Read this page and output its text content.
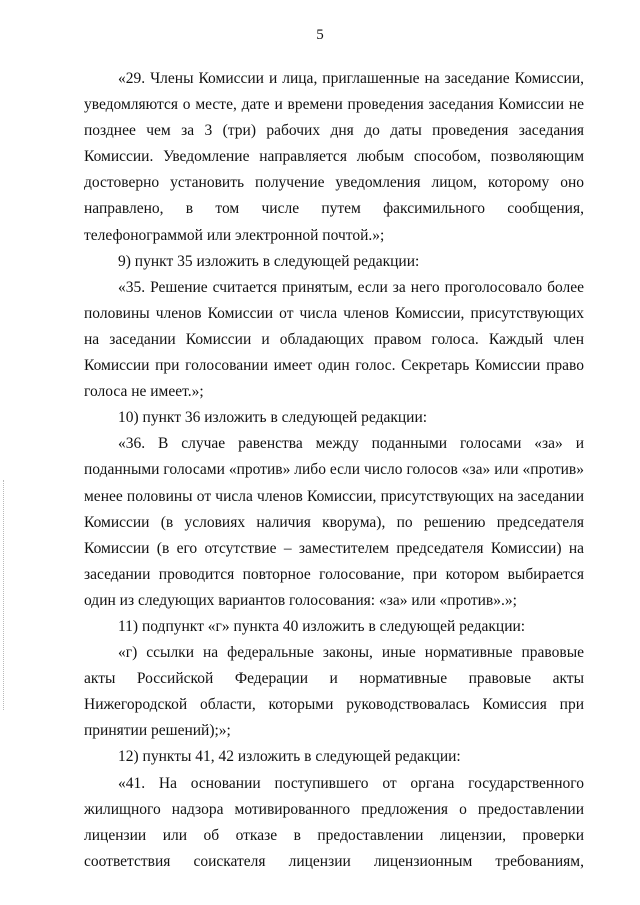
5
«29. Члены Комиссии и лица, приглашенные на заседание Комиссии,
уведомляются о месте, дате и времени проведения заседания Комиссии не
позднее чем за 3 (три) рабочих дня до даты проведения заседания
Комиссии. Уведомление направляется любым способом, позволяющим
достоверно установить получение уведомления лицом, которому оно
направлено, в том числе путем факсимильного сообщения,
телефонограммой или электронной почтой.»;
9) пункт 35 изложить в следующей редакции:
«35. Решение считается принятым, если за него проголосовало более
половины членов Комиссии от числа членов Комиссии, присутствующих
на заседании Комиссии и обладающих правом голоса. Каждый член
Комиссии при голосовании имеет один голос. Секретарь Комиссии право
голоса не имеет.»;
10) пункт 36 изложить в следующей редакции:
«36. В случае равенства между поданными голосами «за» и
поданными голосами «против» либо если число голосов «за» или «против»
менее половины от числа членов Комиссии, присутствующих на заседании
Комиссии (в условиях наличия кворума), по решению председателя
Комиссии (в его отсутствие – заместителем председателя Комиссии) на
заседании проводится повторное голосование, при котором выбирается
один из следующих вариантов голосования: «за» или «против».»;
11) подпункт «г» пункта 40 изложить в следующей редакции:
«г) ссылки на федеральные законы, иные нормативные правовые
акты Российской Федерации и нормативные правовые акты
Нижегородской области, которыми руководствовалась Комиссия при
принятии решений);»;
12) пункты 41, 42 изложить в следующей редакции:
«41. На основании поступившего от органа государственного
жилищного надзора мотивированного предложения о предоставлении
лицензии или об отказе в предоставлении лицензии, проверки
соответствия соискателя лицензии лицензионным требованиям,
